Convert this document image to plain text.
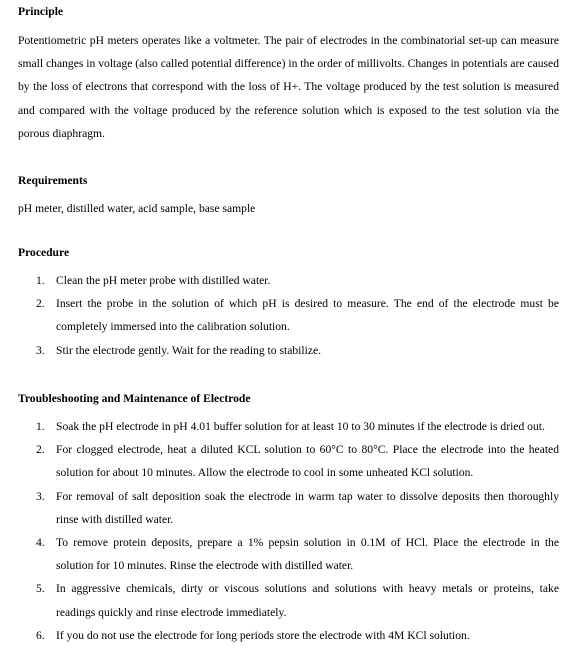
Principle

Potentiometric pH meters operates like a voltmeter. The pair of electrodes in the combinatorial set-up can measure small changes in voltage (also called potential difference) in the order of millivolts. Changes in potentials are caused by the loss of electrons that correspond with the loss of H+. The voltage produced by the test solution is measured and compared with the voltage produced by the reference solution which is exposed to the test solution via the porous diaphragm.

Requirements

pH meter, distilled water, acid sample, base sample

Procedure
1. Clean the pH meter probe with distilled water.
2. Insert the probe in the solution of which pH is desired to measure. The end of the electrode must be completely immersed into the calibration solution.
3. Stir the electrode gently. Wait for the reading to stabilize.
Troubleshooting and Maintenance of Electrode
1. Soak the pH electrode in pH 4.01 buffer solution for at least 10 to 30 minutes if the electrode is dried out.
2. For clogged electrode, heat a diluted KCL solution to 60°C to 80°C. Place the electrode into the heated solution for about 10 minutes. Allow the electrode to cool in some unheated KCl solution.
3. For removal of salt deposition soak the electrode in warm tap water to dissolve deposits then thoroughly rinse with distilled water.
4. To remove protein deposits, prepare a 1% pepsin solution in 0.1M of HCl. Place the electrode in the solution for 10 minutes. Rinse the electrode with distilled water.
5. In aggressive chemicals, dirty or viscous solutions and solutions with heavy metals or proteins, take readings quickly and rinse electrode immediately.
6. If you do not use the electrode for long periods store the electrode with 4M KCl solution.
